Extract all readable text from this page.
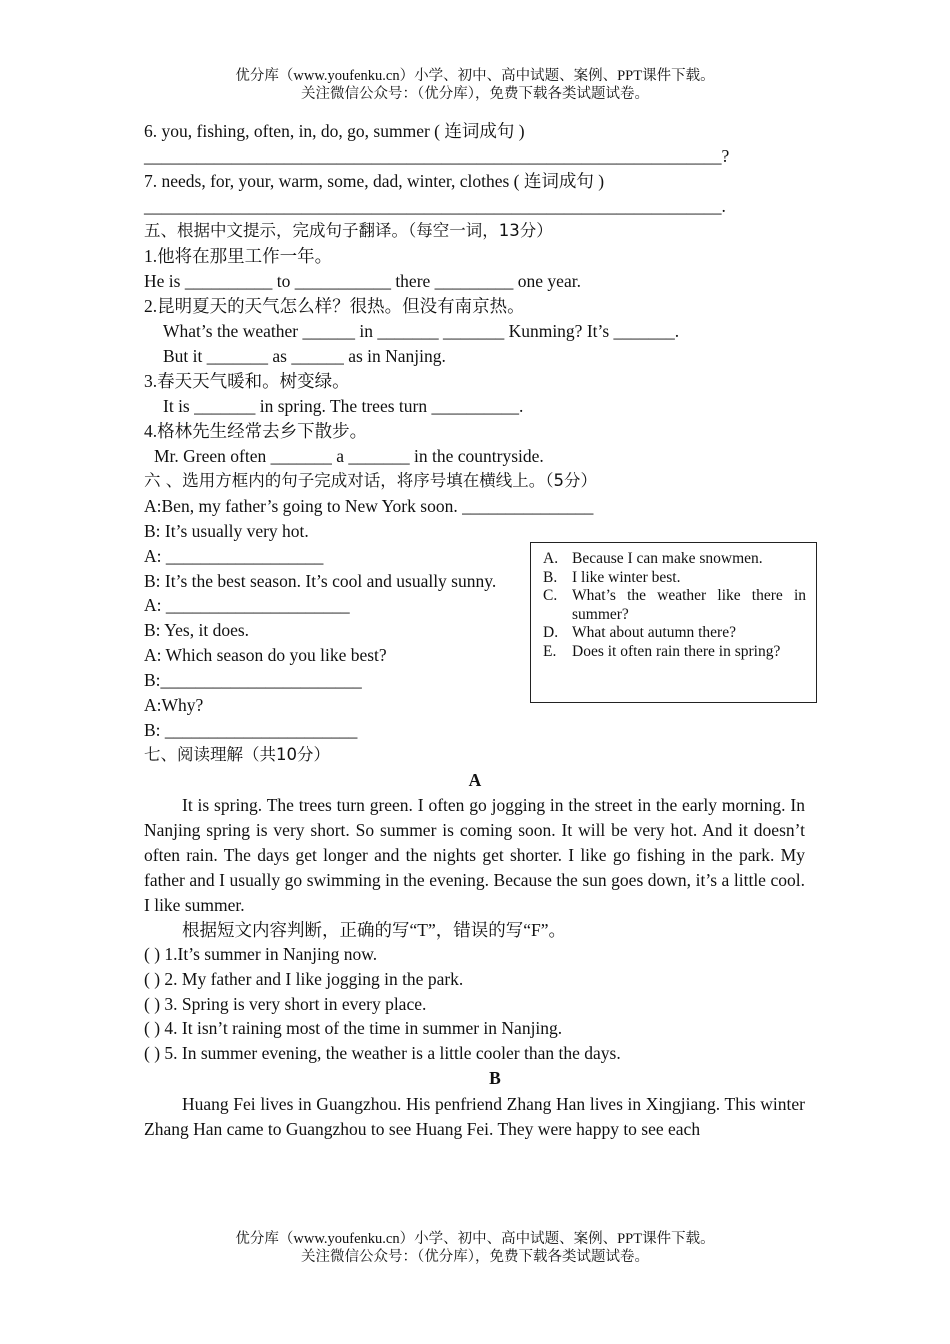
优分库（www.youfenku.cn）小学、初中、高中试题、案例、PPT课件下载。
关注微信公众号：（优分库），免费下载各类试题试卷。
6. you, fishing, often, in, do, go, summer ( 连词成句 )
__________________________________________________________________?
7. needs, for, your, warm, some, dad, winter, clothes ( 连词成句 )
__________________________________________________________________.
五、根据中文提示，完成句子翻译。（每空一词，13分）
1.他将在那里工作一年。
He is __________ to ___________ there _________ one year.
2.昆明夏天的天气怎么样？很热。但没有南京热。
What’s the weather ______ in _______ _______ Kunming? It’s _______.
But it _______ as ______ as in Nanjing.
3.春天天气暖和。树变绿。
It is _______ in spring. The trees turn __________.
4.格林先生经常去乡下散步。
Mr. Green often _______ a _______ in the countryside.
六 、选用方框内的句子完成对话，将序号填在横线上。（5分）
A:Ben, my father’s going to New York soon. _______________
B: It’s usually very hot.
A: __________________
B: It’s the best season. It’s cool and usually sunny.
A: _____________________
B: Yes, it does.
A: Which season do you like best?
B:_______________________
A:Why?
B: ______________________
A. Because I can make snowmen.
B. I like winter best.
C. What’s the weather like there in summer?
D. What about autumn there?
E.	Does it often rain there in spring?
七、阅读理解（共10分）
A

It is spring. The trees turn green. I often go jogging in the street in the early morning. In Nanjing spring is very short. So summer is coming soon. It will be very hot. And it doesn’t often rain. The days get longer and the nights get shorter. I like go fishing in the park. My father and I usually go swimming in the evening. Because the sun goes down, it’s a little cool. I like summer.

根据短文内容判断，正确的写“T”，错误的写“F”。

( ) 1.It’s summer in Nanjing now.
( ) 2. My father and I like jogging in the park.
( ) 3. Spring is very short in every place.
( ) 4. It isn’t raining most of the time in summer in Nanjing.
( ) 5. In summer evening, the weather is a little cooler than the days.
B

Huang Fei lives in Guangzhou. His penfriend Zhang Han lives in Xingjiang. This winter Zhang Han came to Guangzhou to see Huang Fei. They were happy to see each

优分库（www.youfenku.cn）小学、初中、高中试题、案例、PPT课件下载。
关注微信公众号：（优分库），免费下载各类试题试卷。
